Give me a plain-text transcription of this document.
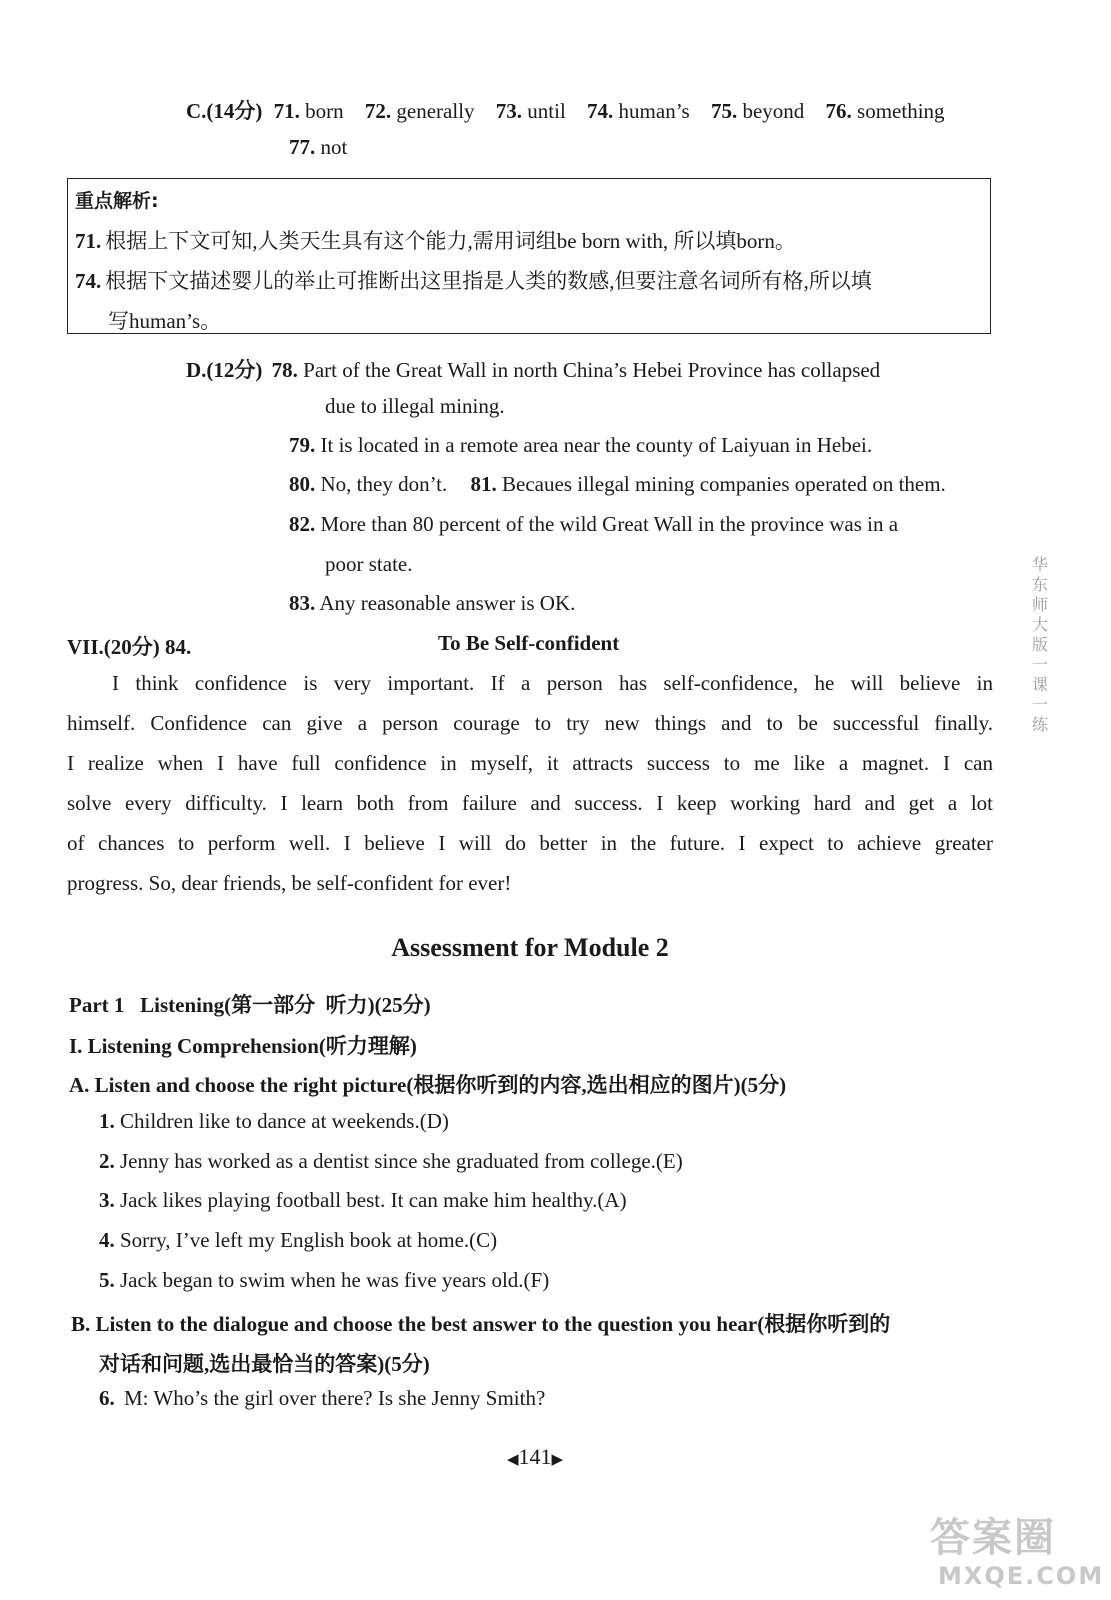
C.(14分) 71. born 72. generally 73. until 74. human’s 75. beyond 76. something
77. not
重点解析:
71. 根据上下文可知,人类天生具有这个能力,需用词组be born with, 所以填born。
74. 根据下文描述婴儿的举止可推断出这里指是人类的数感,但要注意名词所有格,所以填
写human’s。
D.(12分) 78. Part of the Great Wall in north China’s Hebei Province has collapsed
due to illegal mining.
79. It is located in a remote area near the county of Laiyuan in Hebei.
80. No, they don’t. 81. Becaues illegal mining companies operated on them.
82. More than 80 percent of the wild Great Wall in the province was in a
poor state.
83. Any reasonable answer is OK.
VII.(20分) 84.	To Be Self-confident
I think confidence is very important. If a person has self-confidence, he will believe in
himself. Confidence can give a person courage to try new things and to be successful finally.
I realize when I have full confidence in myself, it attracts success to me like a magnet. I can
solve every difficulty. I learn both from failure and success. I keep working hard and get a lot
of chances to perform well. I believe I will do better in the future. I expect to achieve greater
progress. So, dear friends, be self-confident for ever!
Assessment for Module 2
Part 1   Listening(第一部分  听力)(25分)
I. Listening Comprehension(听力理解)
A. Listen and choose the right picture(根据你听到的内容,选出相应的图片)(5分)
1. Children like to dance at weekends.(D)
2. Jenny has worked as a dentist since she graduated from college.(E)
3. Jack likes playing football best. It can make him healthy.(A)
4. Sorry, I’ve left my English book at home.(C)
5. Jack began to swim when he was five years old.(F)
B. Listen to the dialogue and choose the best answer to the question you hear(根据你听到的
对话和问题,选出最恰当的答案)(5分)
6. M: Who’s the girl over there? Is she Jenny Smith?
◀141▶
华东师大版一课一练
答案圈
MXQE.COM
